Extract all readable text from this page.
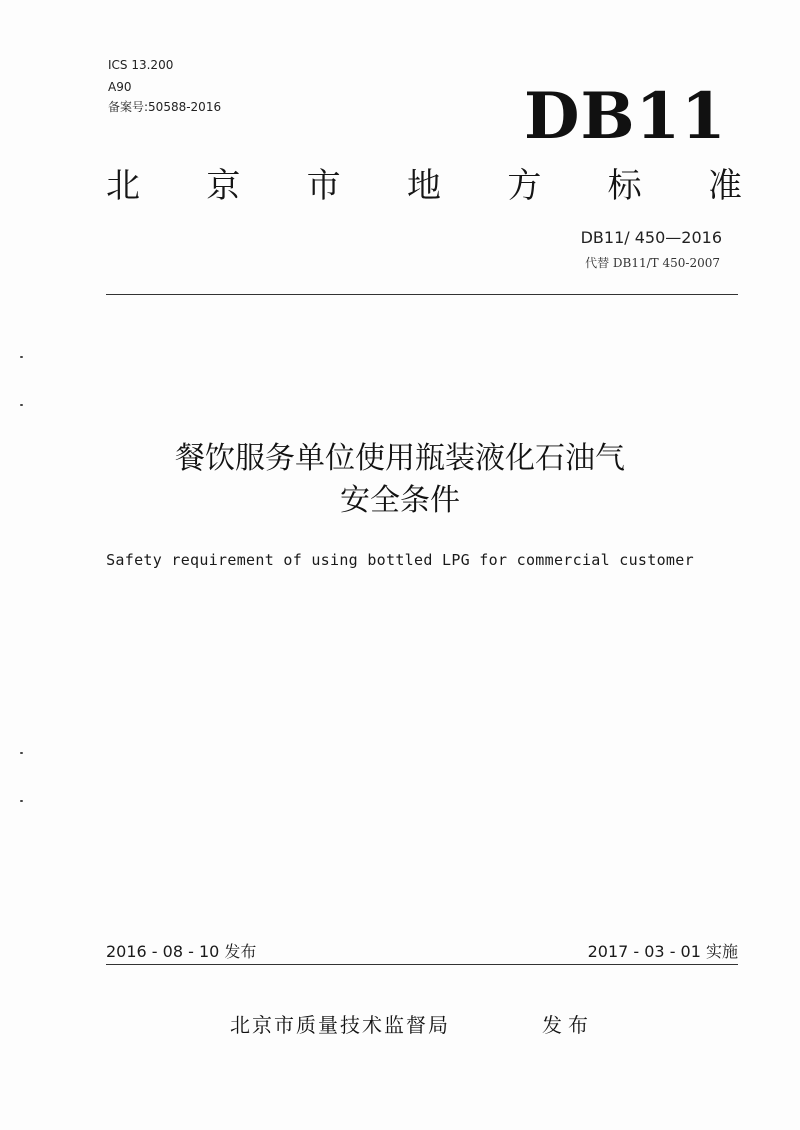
ICS 13.200
A90
备案号:50588-2016	DB11
北 京 市 地 方 标 准
DB11/ 450—2016
代替 DB11/T 450-2007
餐饮服务单位使用瓶装液化石油气
安全条件
Safety requirement of using bottled LPG for commercial customer
2016 - 08 - 10 发布	2017 - 03 - 01 实施
北京市质量技术监督局	发布
